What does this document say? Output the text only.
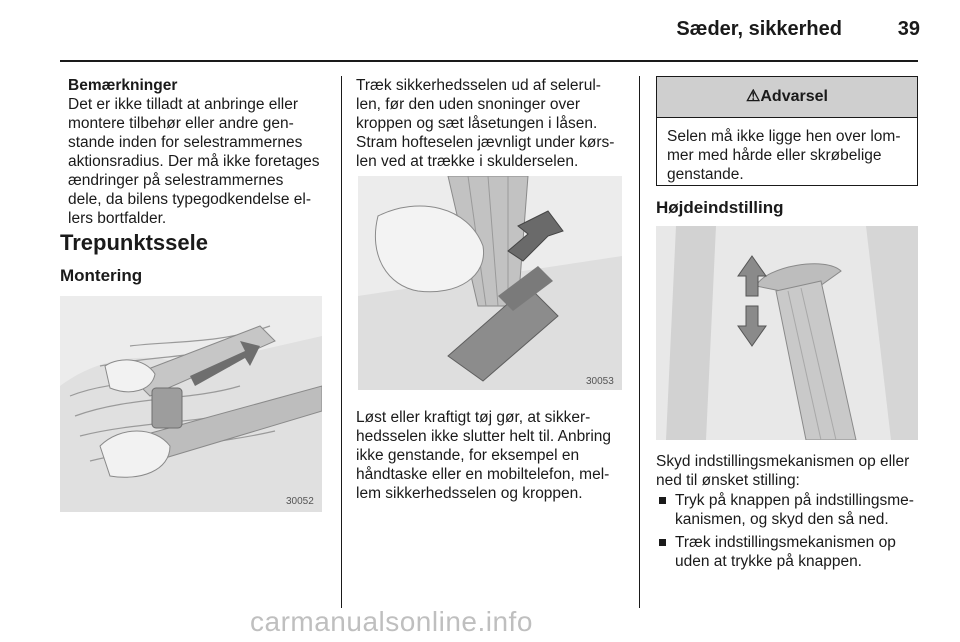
Sæder, sikkerhed	39
Bemærkninger
Det er ikke tilladt at anbringe eller
montere tilbehør eller andre gen-
stande inden for selestrammernes
aktionsradius. Der må ikke foretages
ændringer på selestrammernes
dele, da bilens typegodkendelse el-
lers bortfalder.
Trepunktssele
Montering
30052
Træk sikkerhedsselen ud af selerul-
len, før den uden snoninger over
kroppen og sæt låsetungen i låsen.
Stram hofteselen jævnligt under kørs-
len ved at trække i skulderselen.
30053
Løst eller kraftigt tøj gør, at sikker-
hedsselen ikke slutter helt til. Anbring
ikke genstande, for eksempel en
håndtaske eller en mobiltelefon, mel-
lem sikkerhedsselen og kroppen.
⚠Advarsel
Selen må ikke ligge hen over lom-
mer med hårde eller skrøbelige
genstande.
Højdeindstilling
Skyd indstillingsmekanismen op eller
ned til ønsket stilling:
Tryk på knappen på indstillingsme-
kanismen, og skyd den så ned.
Træk indstillingsmekanismen op
uden at trykke på knappen.
carmanualsonline.info
